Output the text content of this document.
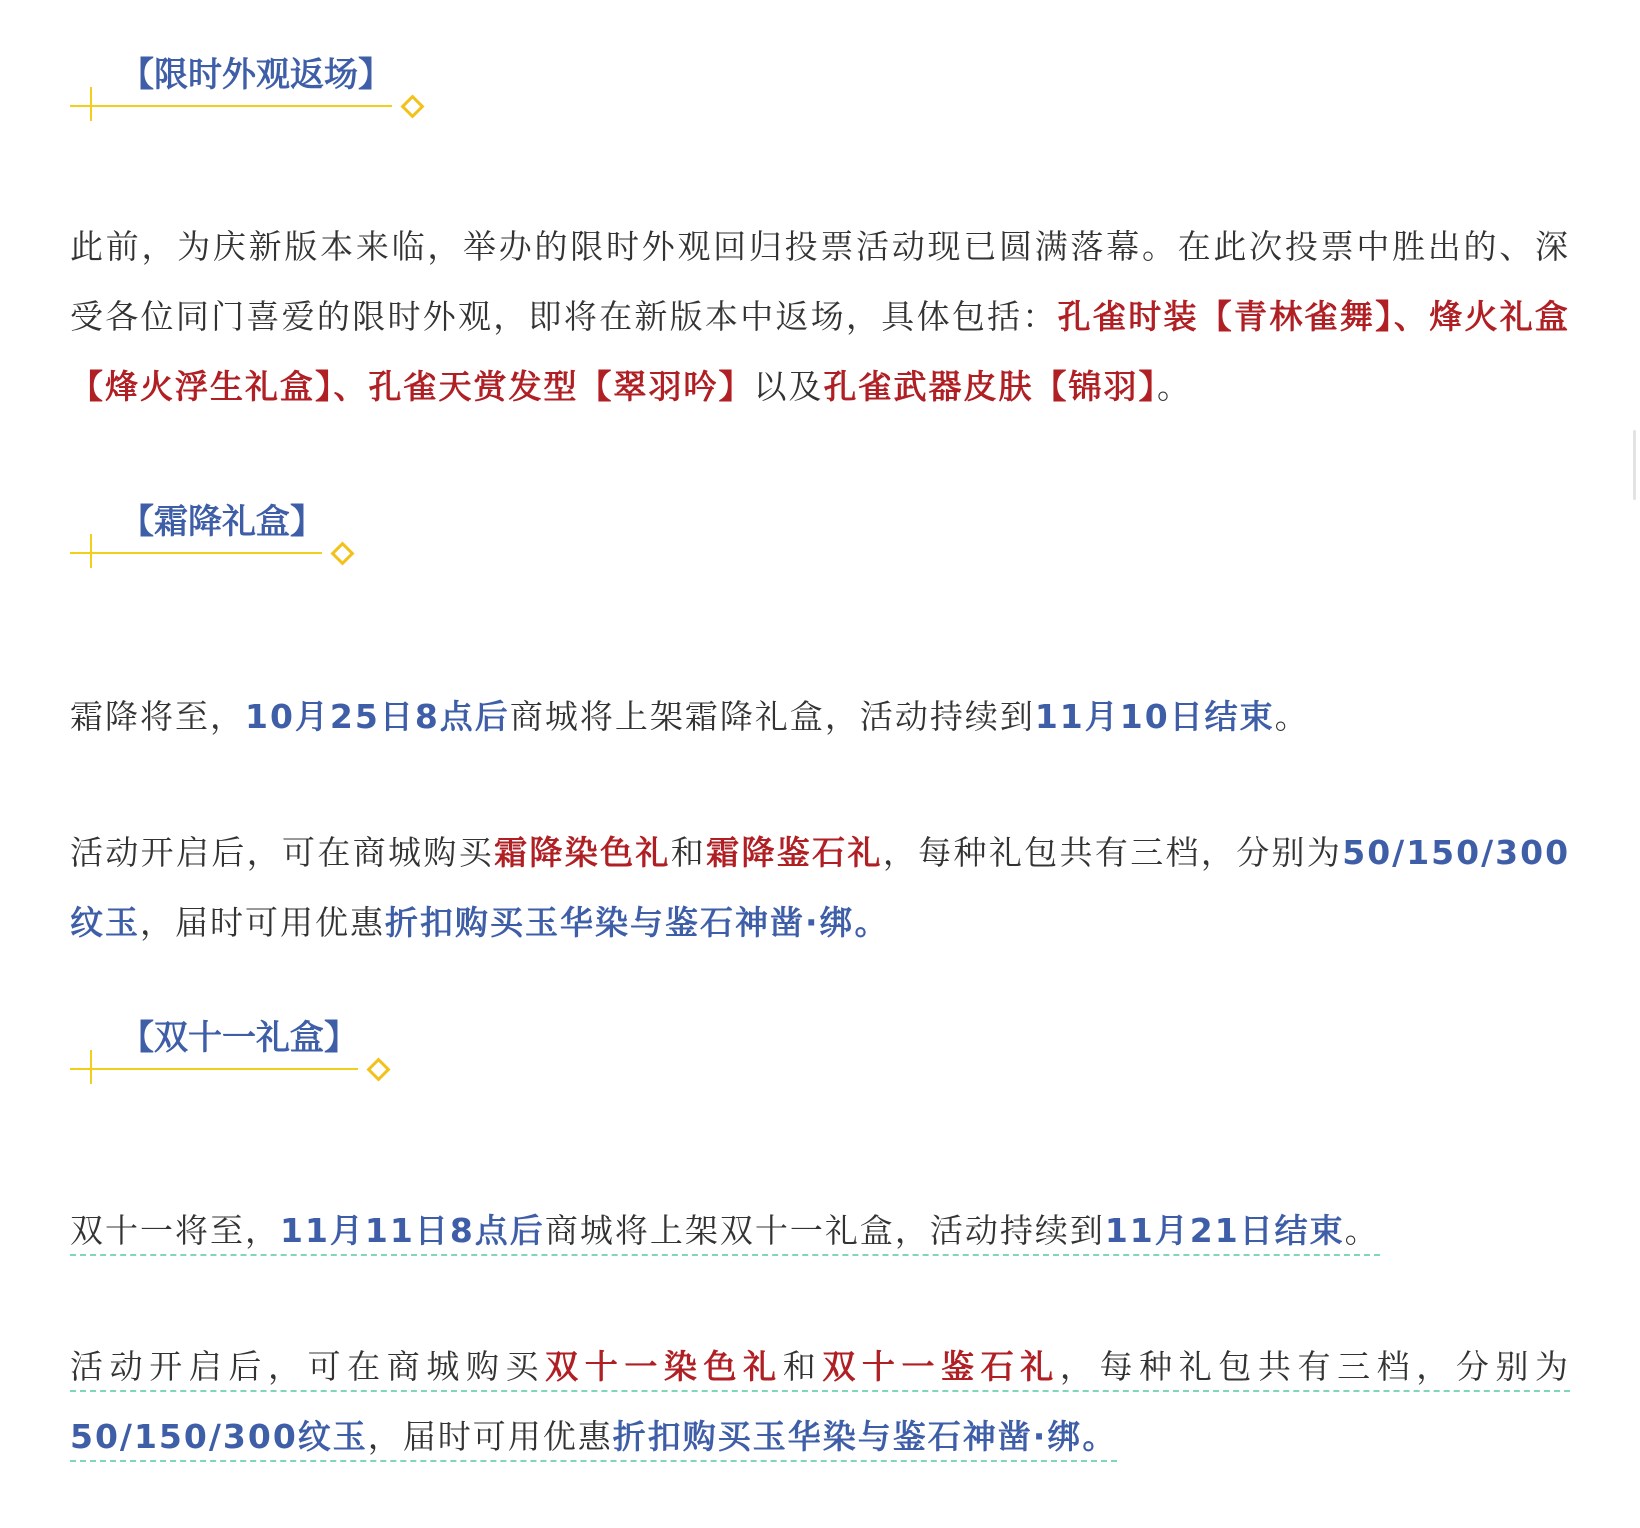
【限时外观返场】
此前，为庆新版本来临，举办的限时外观回归投票活动现已圆满落幕。在此次投票中胜出的、深受各位同门喜爱的限时外观，即将在新版本中返场，具体包括：孔雀时装【青林雀舞】、烽火礼盒【烽火浮生礼盒】、孔雀天赏发型【翠羽吟】以及孔雀武器皮肤【锦羽】。
【霜降礼盒】
霜降将至，10月25日8点后商城将上架霜降礼盒，活动持续到11月10日结束。
活动开启后，可在商城购买霜降染色礼和霜降鉴石礼，每种礼包共有三档，分别为50/150/300纹玉，届时可用优惠折扣购买玉华染与鉴石神凿·绑。
【双十一礼盒】
双十一将至，11月11日8点后商城将上架双十一礼盒，活动持续到11月21日结束。
活动开启后，可在商城购买双十一染色礼和双十一鉴石礼，每种礼包共有三档，分别为50/150/300纹玉，届时可用优惠折扣购买玉华染与鉴石神凿·绑。
